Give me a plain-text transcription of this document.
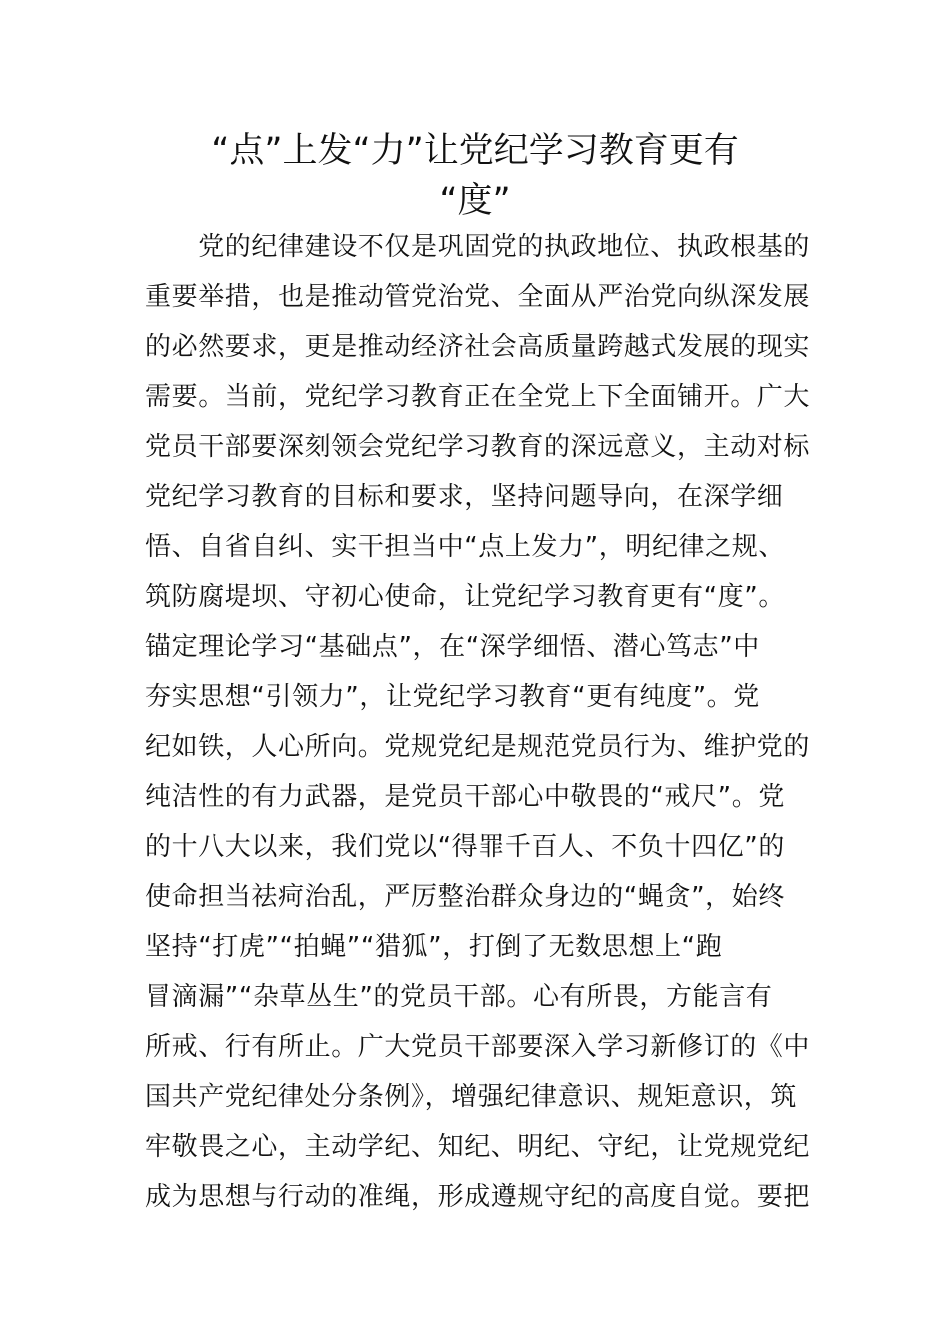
“点”上发“力”让党纪学习教育更有
“度”
　　党的纪律建设不仅是巩固党的执政地位、执政根基的
重要举措，也是推动管党治党、全面从严治党向纵深发展
的必然要求，更是推动经济社会高质量跨越式发展的现实
需要。当前，党纪学习教育正在全党上下全面铺开。广大
党员干部要深刻领会党纪学习教育的深远意义，主动对标
党纪学习教育的目标和要求，坚持问题导向，在深学细
悟、自省自纠、实干担当中“点上发力”，明纪律之规、
筑防腐堤坝、守初心使命，让党纪学习教育更有“度”。
锚定理论学习“基础点”，在“深学细悟、潜心笃志”中
夯实思想“引领力”，让党纪学习教育“更有纯度”。党
纪如铁，人心所向。党规党纪是规范党员行为、维护党的
纯洁性的有力武器，是党员干部心中敬畏的“戒尺”。党
的十八大以来，我们党以“得罪千百人、不负十四亿”的
使命担当祛疴治乱，严厉整治群众身边的“蝇贪”，始终
坚持“打虎”“拍蝇”“猎狐”，打倒了无数思想上“跑
冒滴漏”“杂草丛生”的党员干部。心有所畏，方能言有
所戒、行有所止。广大党员干部要深入学习新修订的《中
国共产党纪律处分条例》，增强纪律意识、规矩意识，筑
牢敬畏之心，主动学纪、知纪、明纪、守纪，让党规党纪
成为思想与行动的准绳，形成遵规守纪的高度自觉。要把
